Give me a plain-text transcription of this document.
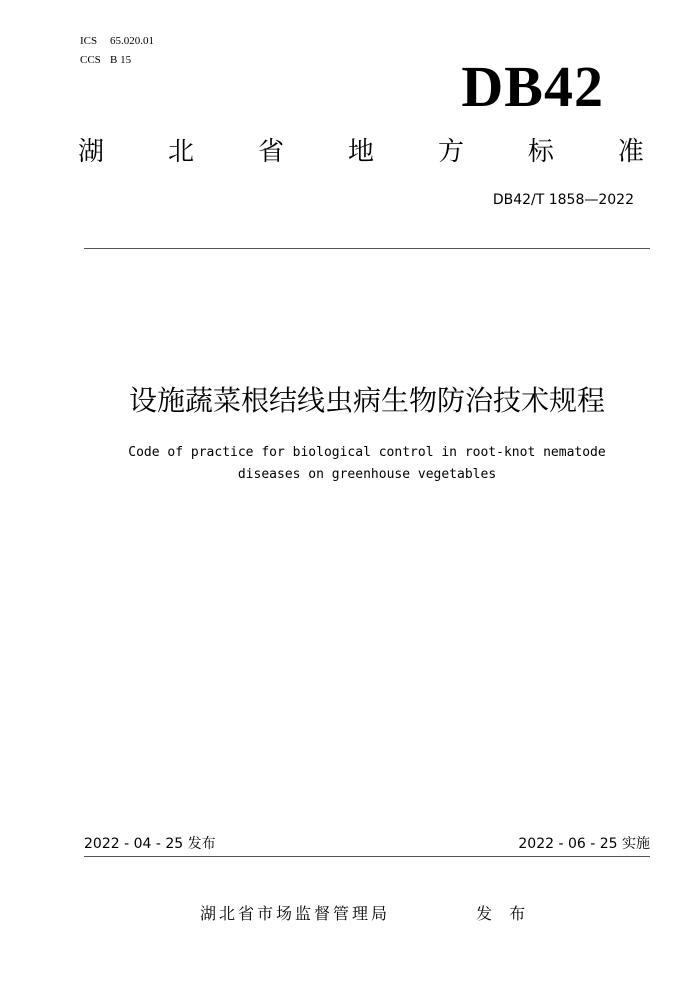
ICS 65.020.01
CCS B 15	DB42
湖 北 省 地 方 标 准
DB42/T 1858—2022
设施蔬菜根结线虫病生物防治技术规程
Code of practice for biological control in root-knot nematode
diseases on greenhouse vegetables
2022 - 04 - 25 发布	2022 - 06 - 25 实施
湖北省市场监督管理局	发 布
